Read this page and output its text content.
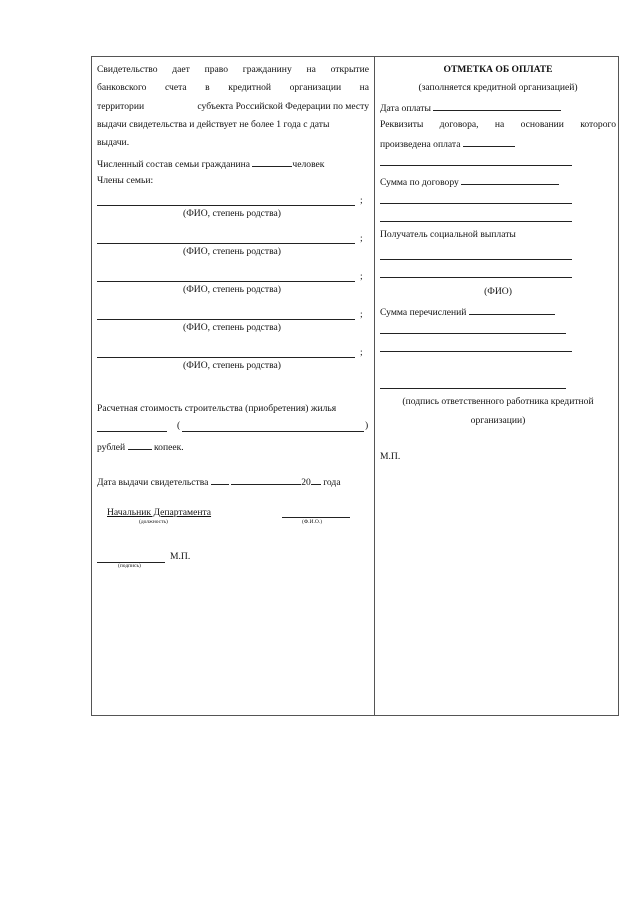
Свидетельство дает право гражданину на открытие
банковского счета в кредитной организации на
территории	субъекта Российской Федерации по месту
выдачи свидетельства и действует не более 1 года с даты
выдачи.
Численный состав семьи гражданина	человек
Члены семьи:
;
(ФИО, степень родства)
;
(ФИО, степень родства)
;
(ФИО, степень родства)
;
(ФИО, степень родства)
;
(ФИО, степень родства)
Расчетная стоимость строительства (приобретения) жилья
(	)
рублей	копеек.
Дата выдачи свидетельства	20 года
Начальник Департамента
(должность)	(Ф.И.О.)
М.П.
(подпись)
ОТМЕТКА ОБ ОПЛАТЕ
(заполняется кредитной организацией)
Дата оплаты
Реквизиты договора, на основании которого
произведена оплата
Сумма по договору
Получатель социальной выплаты
(ФИО)
Сумма перечислений
(подпись ответственного работника кредитной
организации)
М.П.
